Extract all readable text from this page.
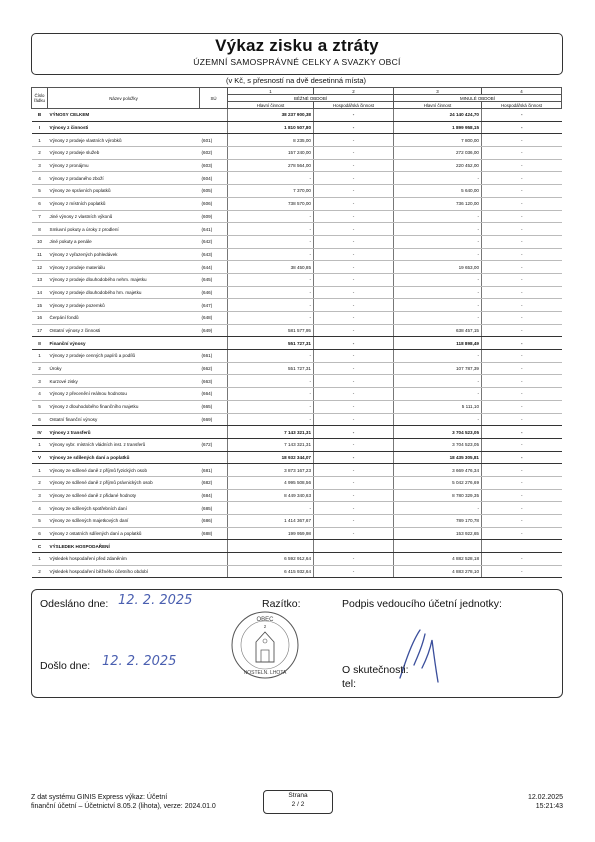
Výkaz zisku a ztráty
ÚZEMNÍ SAMOSPRÁVNÉ CELKY A SVAZKY OBCÍ
(v Kč, s přesností na dvě desetinná místa)
Číslo
řádku	Název položky	SÚ	1	2	3	4
			BĚŽNÉ OBDOBÍ		MINULÉ OBDOBÍ	
			Hlavní činnost	Hospodářská činnost	Hlavní činnost	Hospodářská činnost
B	VÝNOSY CELKEM		38 237 900,38	-	24 140 424,70	-
I	Výnosy z činnosti		1 810 507,80	-	1 899 958,15	-
1	Výnosy z prodeje vlastních výrobků	(601)	8 235,00	-	7 800,00	-
2	Výnosy z prodeje služeb	(602)	157 240,00	-	272 036,00	-
3	Výnosy z pronájmu	(603)	278 564,00	-	220 452,00	-
4	Výnosy z prodaného zboží	(604)	-	-	-	-
5	Výnosy ze správních poplatků	(605)	7 370,00	-	5 640,00	-
6	Výnosy z místních poplatků	(606)	738 570,00	-	736 120,00	-
7	Jiné výnosy z vlastních výkonů	(609)	-	-	-	-
8	Smluvní pokuty a úroky z prodlení	(641)	-	-	-	-
10	Jiné pokuty a penále	(642)	-	-	-	-
11	Výnosy z vyřazených pohledávek	(643)	-	-	-	-
12	Výnosy z prodeje materiálu	(644)	38 450,85	-	19 653,00	-
13	Výnosy z prodeje dlouhodobého nehm. majetku	(645)	-	-	-	-
14	Výnosy z prodeje dlouhodobého hm. majetku	(646)	-	-	-	-
15	Výnosy z prodeje pozemků	(647)	-	-	-	-
16	Čerpání fondů	(648)	-	-	-	-
17	Ostatní výnosy z činnosti	(649)	581 577,95	-	638 457,15	-
II	Finanční výnosy		551 727,31	-	118 898,49	-
1	Výnosy z prodeje cenných papírů a podílů	(661)	-	-	-	-
2	Úroky	(662)	551 727,31	-	107 787,39	-
3	Kurzové zisky	(663)	-	-	-	-
4	Výnosy z přecenění reálnou hodnotou	(664)	-	-	-	-
5	Výnosy z dlouhodobého finančního majetku	(665)	-	-	5 111,10	-
6	Ostatní finanční výnosy	(669)	-	-	-	-
IV	Výnosy z transferů		7 143 321,31	-	3 704 523,05	-
1	Výnosy vybr. místních vládních inst. z transferů	(672)	7 143 321,31	-	3 704 523,05	-
V	Výnosy ze sdílených daní a poplatků		18 932 344,07	-	18 435 305,81	-
1	Výnosy ze sdílené daně z příjmů fyzických osob	(681)	3 873 167,23	-	3 669 476,34	-
2	Výnosy ze sdílené daně z příjmů právnických osob	(682)	4 995 508,56	-	5 042 276,69	-
3	Výnosy ze sdílené daně z přidané hodnoty	(684)	8 449 340,63	-	8 780 329,35	-
4	Výnosy ze sdílených spotřebních daní	(685)	-	-	-	-
5	Výnosy ze sdílených majetkových daní	(686)	1 414 367,67	-	789 170,78	-
6	Výnosy z ostatních sdílených daní a poplatků	(688)	199 959,98	-	153 922,65	-
C	VÝSLEDEK HOSPODAŘENÍ					
1	Výsledek hospodaření před zdaněním		6 592 912,64	-	4 882 528,18	-
2	Výsledek hospodaření běžného účetního období		6 415 932,64	-	4 883 278,10	-
Odesláno dne: 12. 2. 2025	Razítko:	Podpis vedoucího účetní jednotky:
OBEC
2
NOSTELN. LHOTA
Došlo dne: 12. 2. 2025
O skutečnosti:
tel:
Z dat systému GINIS Express výkaz: Účetní
finanční účetní – Účetnictví 8.05.2 (lihota), verze: 2024.01.0
Strana
2 / 2
12.02.2025
15:21:43
